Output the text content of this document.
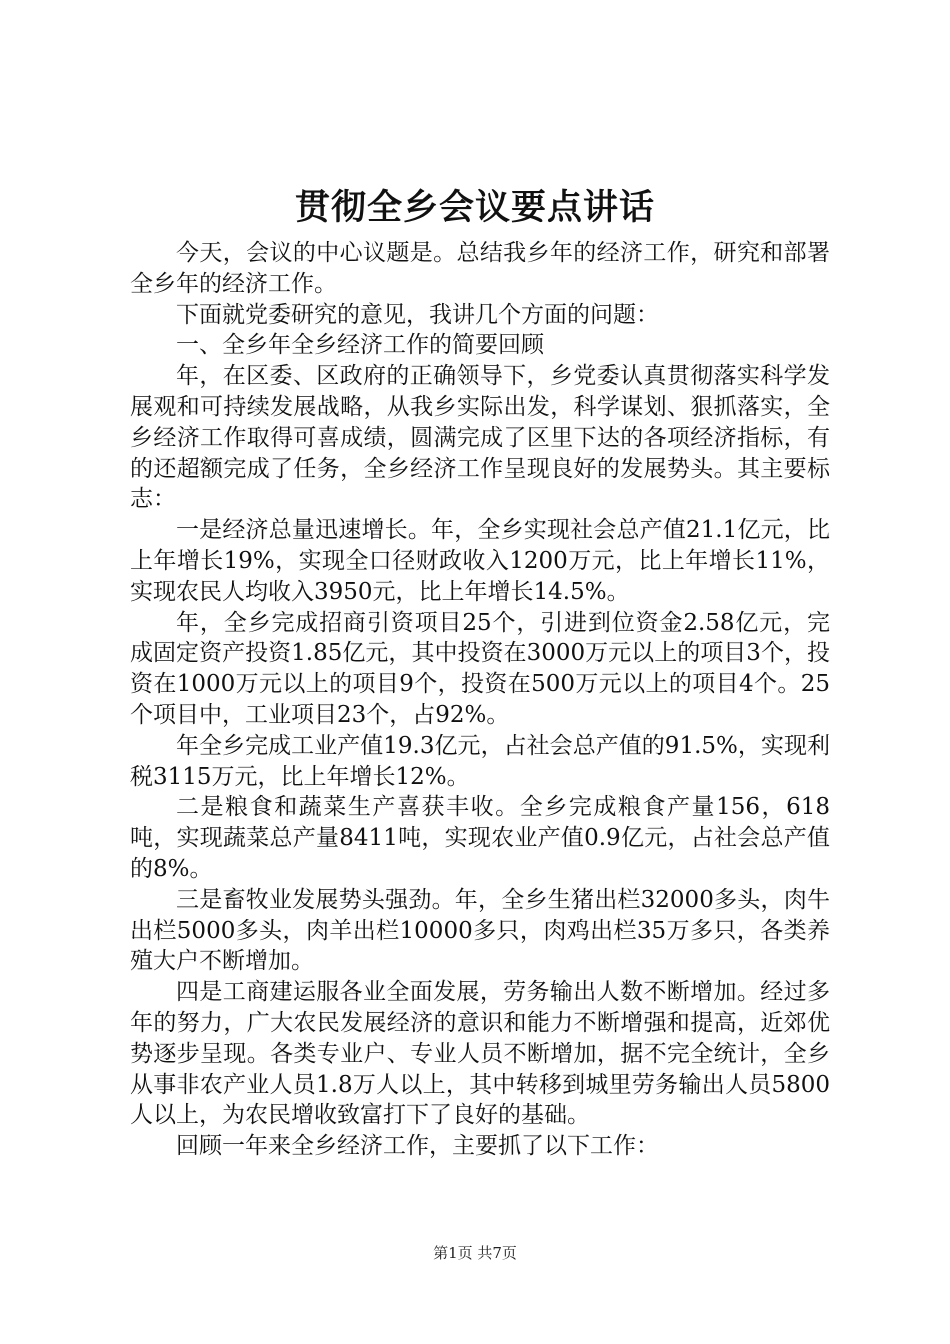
贯彻全乡会议要点讲话

今天，会议的中心议题是。总结我乡年的经济工作，研究和部署全乡年的经济工作。

下面就党委研究的意见，我讲几个方面的问题：

一、全乡年全乡经济工作的简要回顾

年，在区委、区政府的正确领导下，乡党委认真贯彻落实科学发展观和可持续发展战略，从我乡实际出发，科学谋划、狠抓落实，全乡经济工作取得可喜成绩，圆满完成了区里下达的各项经济指标，有的还超额完成了任务，全乡经济工作呈现良好的发展势头。其主要标志：

一是经济总量迅速增长。年，全乡实现社会总产值21.1亿元，比上年增长19%，实现全口径财政收入1200万元，比上年增长11%，实现农民人均收入3950元，比上年增长14.5%。

年，全乡完成招商引资项目25个，引进到位资金2.58亿元，完成固定资产投资1.85亿元，其中投资在3000万元以上的项目3个，投资在1000万元以上的项目9个，投资在500万元以上的项目4个。25个项目中，工业项目23个，占92%。

年全乡完成工业产值19.3亿元，占社会总产值的91.5%，实现利税3115万元，比上年增长12%。

二是粮食和蔬菜生产喜获丰收。全乡完成粮食产量156，618吨，实现蔬菜总产量8411吨，实现农业产值0.9亿元，占社会总产值的8%。

三是畜牧业发展势头强劲。年，全乡生猪出栏32000多头，肉牛出栏5000多头，肉羊出栏10000多只，肉鸡出栏35万多只，各类养殖大户不断增加。

四是工商建运服各业全面发展，劳务输出人数不断增加。经过多年的努力，广大农民发展经济的意识和能力不断增强和提高，近郊优势逐步呈现。各类专业户、专业人员不断增加，据不完全统计，全乡从事非农产业人员1.8万人以上，其中转移到城里劳务输出人员5800人以上，为农民增收致富打下了良好的基础。

回顾一年来全乡经济工作，主要抓了以下工作：

第1页 共7页
